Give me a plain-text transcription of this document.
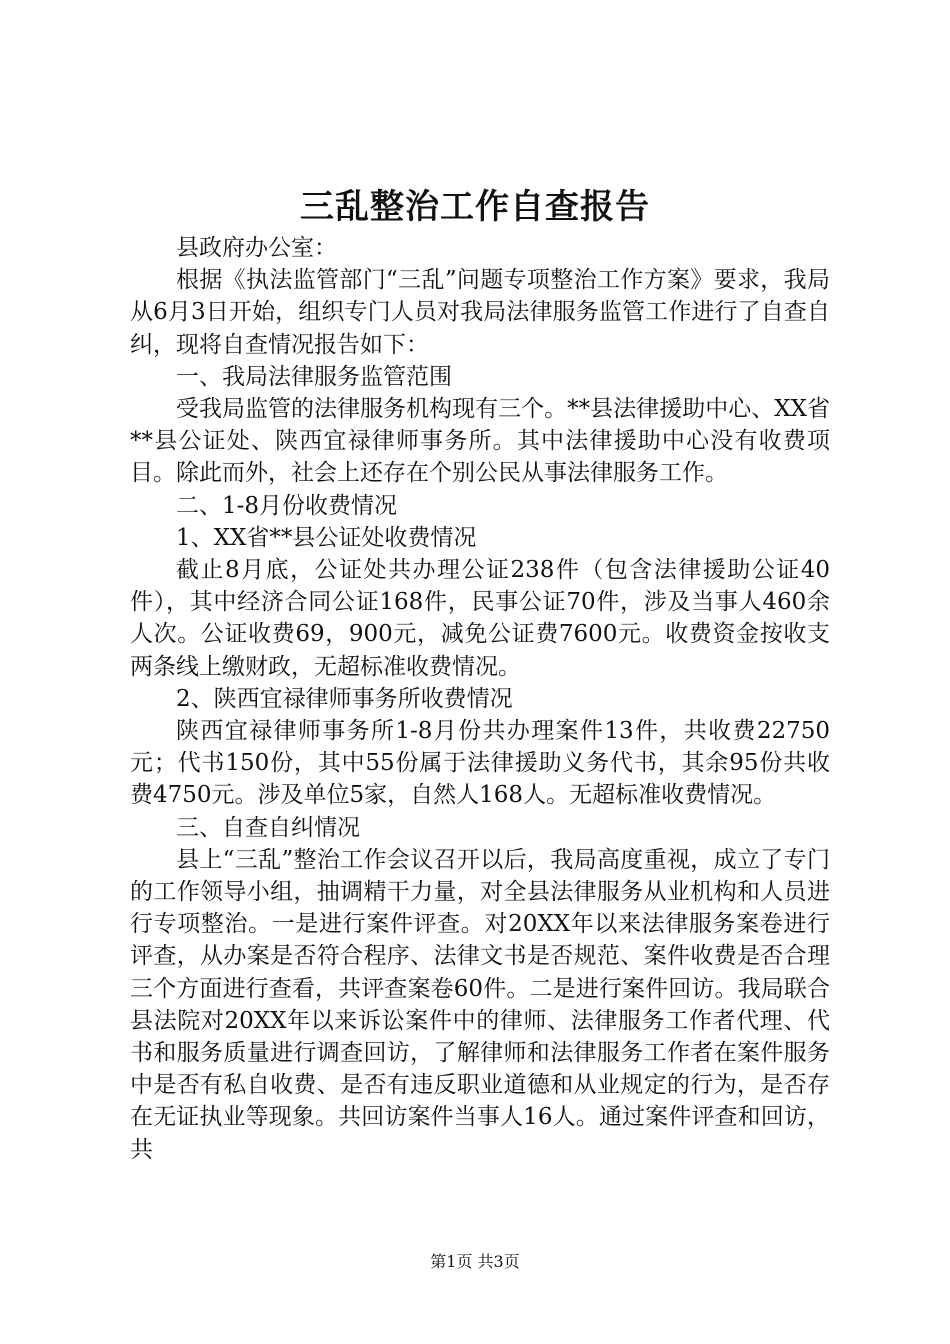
三乱整治工作自查报告

县政府办公室：

根据《执法监管部门“三乱”问题专项整治工作方案》要求，我局从6月3日开始，组织专门人员对我局法律服务监管工作进行了自查自纠，现将自查情况报告如下：

一、我局法律服务监管范围

受我局监管的法律服务机构现有三个。**县法律援助中心、XX省**县公证处、陕西宜禄律师事务所。其中法律援助中心没有收费项目。除此而外，社会上还存在个别公民从事法律服务工作。

二、1-8月份收费情况

1、XX省**县公证处收费情况

截止8月底，公证处共办理公证238件（包含法律援助公证40件），其中经济合同公证168件，民事公证70件，涉及当事人460余人次。公证收费69，900元，减免公证费7600元。收费资金按收支两条线上缴财政，无超标准收费情况。

2、陕西宜禄律师事务所收费情况

陕西宜禄律师事务所1-8月份共办理案件13件，共收费22750元；代书150份，其中55份属于法律援助义务代书，其余95份共收费4750元。涉及单位5家，自然人168人。无超标准收费情况。

三、自查自纠情况

县上“三乱”整治工作会议召开以后，我局高度重视，成立了专门的工作领导小组，抽调精干力量，对全县法律服务从业机构和人员进行专项整治。一是进行案件评查。对20XX年以来法律服务案卷进行评查，从办案是否符合程序、法律文书是否规范、案件收费是否合理三个方面进行查看，共评查案卷60件。二是进行案件回访。我局联合县法院对20XX年以来诉讼案件中的律师、法律服务工作者代理、代书和服务质量进行调查回访，了解律师和法律服务工作者在案件服务中是否有私自收费、是否有违反职业道德和从业规定的行为，是否存在无证执业等现象。共回访案件当事人16人。通过案件评查和回访，共

第1页 共3页
